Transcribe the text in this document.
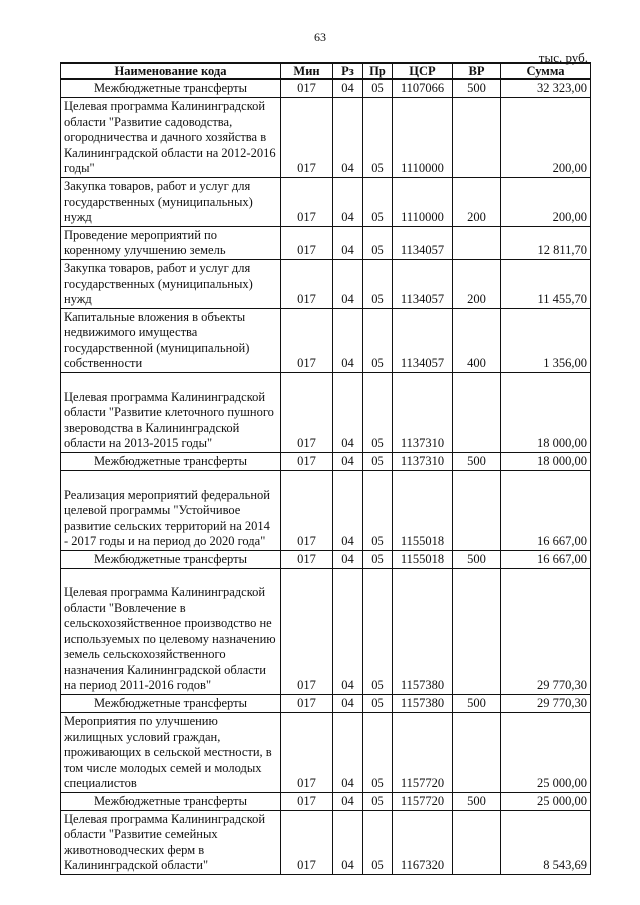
63
тыс. руб.
Наименование кода	Мин	Рз	Пр	ЦСР	ВР	Сумма
Межбюджетные трансферты	017	04	05	1107066	500	32 323,00
Целевая программа Калининградской области "Развитие садоводства, огородничества и дачного хозяйства в Калининградской области на 2012-2016 годы"	017	04	05	1110000		200,00
Закупка товаров, работ и услуг для государственных (муниципальных) нужд	017	04	05	1110000	200	200,00
Проведение мероприятий по коренному улучшению земель	017	04	05	1134057		12 811,70
Закупка товаров, работ и услуг для государственных (муниципальных) нужд	017	04	05	1134057	200	11 455,70
Капитальные вложения в объекты недвижимого имущества государственной (муниципальной) собственности	017	04	05	1134057	400	1 356,00
Целевая программа Калининградской области "Развитие клеточного пушного звероводства в Калининградской области на 2013-2015 годы"	017	04	05	1137310		18 000,00
Межбюджетные трансферты	017	04	05	1137310	500	18 000,00
Реализация мероприятий федеральной целевой программы "Устойчивое развитие сельских территорий на 2014 - 2017 годы и на период до 2020 года"	017	04	05	1155018		16 667,00
Межбюджетные трансферты	017	04	05	1155018	500	16 667,00
Целевая программа Калининградской области "Вовлечение в сельскохозяйственное производство не используемых по целевому назначению земель сельскохозяйственного назначения Калининградской области на период 2011-2016 годов"	017	04	05	1157380		29 770,30
Межбюджетные трансферты	017	04	05	1157380	500	29 770,30
Мероприятия по улучшению жилищных условий граждан, проживающих в сельской местности, в том числе молодых семей и молодых специалистов	017	04	05	1157720		25 000,00
Межбюджетные трансферты	017	04	05	1157720	500	25 000,00
Целевая программа Калининградской области "Развитие семейных животноводческих ферм в Калининградской области"	017	04	05	1167320		8 543,69
